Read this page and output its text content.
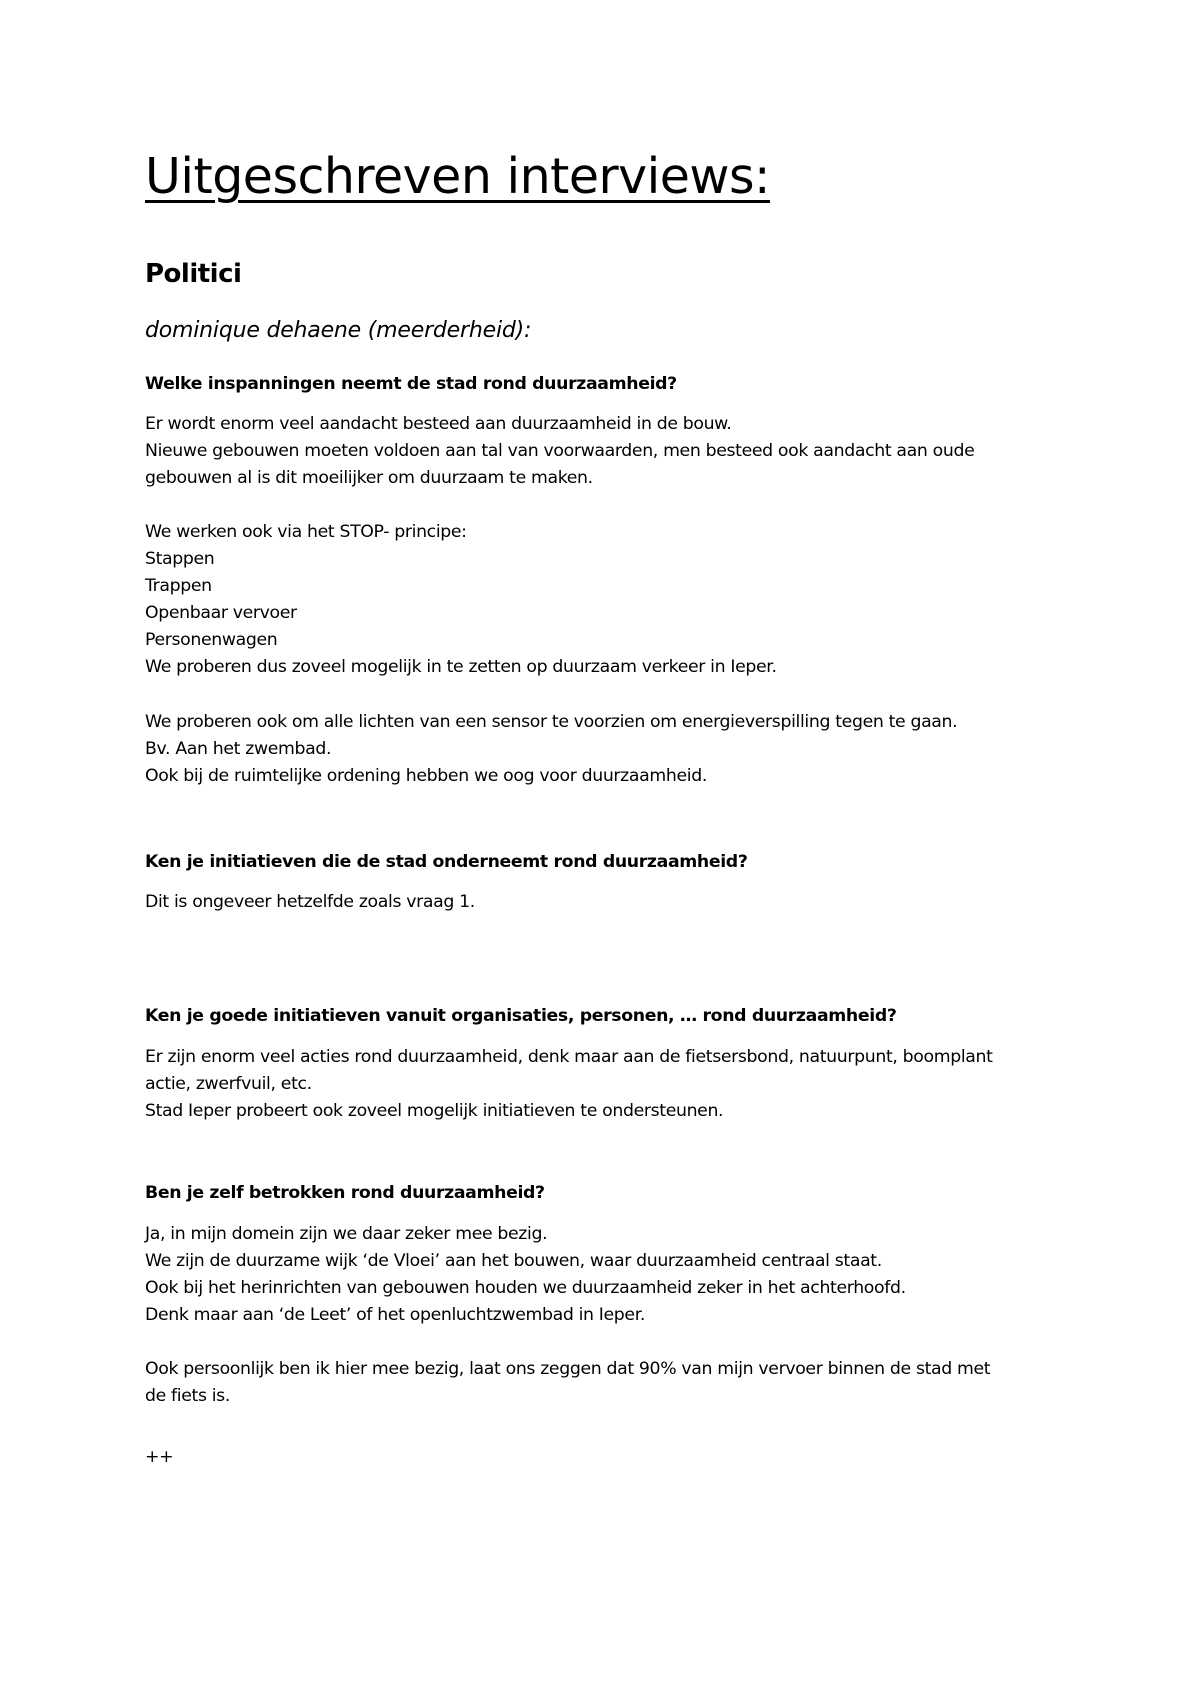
Uitgeschreven interviews:
Politici
dominique dehaene (meerderheid):

Welke inspanningen neemt de stad rond duurzaamheid?

Er wordt enorm veel aandacht besteed aan duurzaamheid in de bouw.
Nieuwe gebouwen moeten voldoen aan tal van voorwaarden, men besteed ook aandacht aan oude
gebouwen al is dit moeilijker om duurzaam te maken.

We werken ook via het STOP- principe:
Stappen
Trappen
Openbaar vervoer
Personenwagen
We proberen dus zoveel mogelijk in te zetten op duurzaam verkeer in Ieper.

We proberen ook om alle lichten van een sensor te voorzien om energieverspilling tegen te gaan.
Bv. Aan het zwembad.
Ook bij de ruimtelijke ordening hebben we oog voor duurzaamheid.

Ken je initiatieven die de stad onderneemt rond duurzaamheid?

Dit is ongeveer hetzelfde zoals vraag 1.

Ken je goede initiatieven vanuit organisaties, personen, … rond duurzaamheid?

Er zijn enorm veel acties rond duurzaamheid, denk maar aan de fietsersbond, natuurpunt, boomplant
actie, zwerfvuil, etc.
Stad Ieper probeert ook zoveel mogelijk initiatieven te ondersteunen.

Ben je zelf betrokken rond duurzaamheid?

Ja, in mijn domein zijn we daar zeker mee bezig.
We zijn de duurzame wijk ‘de Vloei’ aan het bouwen, waar duurzaamheid centraal staat.
Ook bij het herinrichten van gebouwen houden we duurzaamheid zeker in het achterhoofd.
Denk maar aan ‘de Leet’ of het openluchtzwembad in Ieper.

Ook persoonlijk ben ik hier mee bezig, laat ons zeggen dat 90% van mijn vervoer binnen de stad met
de fiets is.

++
